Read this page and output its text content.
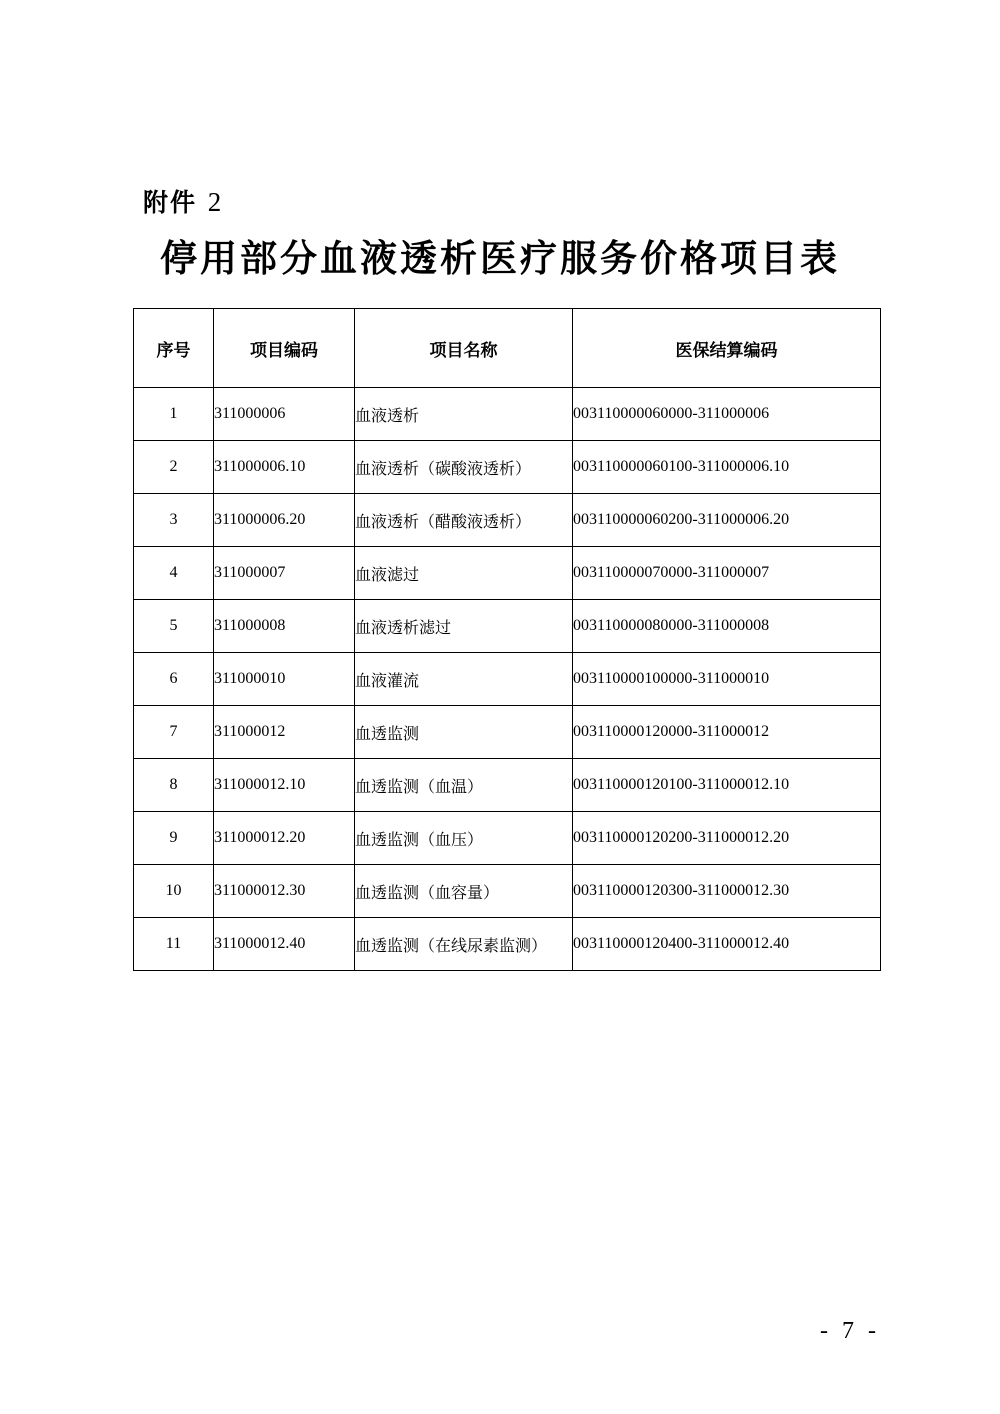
附件 2
停用部分血液透析医疗服务价格项目表
序号	项目编码	项目名称	医保结算编码
1	311000006	血液透析	003110000060000-311000006
2	311000006.10	血液透析（碳酸液透析）	003110000060100-311000006.10
3	311000006.20	血液透析（醋酸液透析）	003110000060200-311000006.20
4	311000007	血液滤过	003110000070000-311000007
5	311000008	血液透析滤过	003110000080000-311000008
6	311000010	血液灌流	003110000100000-311000010
7	311000012	血透监测	003110000120000-311000012
8	311000012.10	血透监测（血温）	003110000120100-311000012.10
9	311000012.20	血透监测（血压）	003110000120200-311000012.20
10	311000012.30	血透监测（血容量）	003110000120300-311000012.30
11	311000012.40	血透监测（在线尿素监测）	003110000120400-311000012.40
- 7 -
